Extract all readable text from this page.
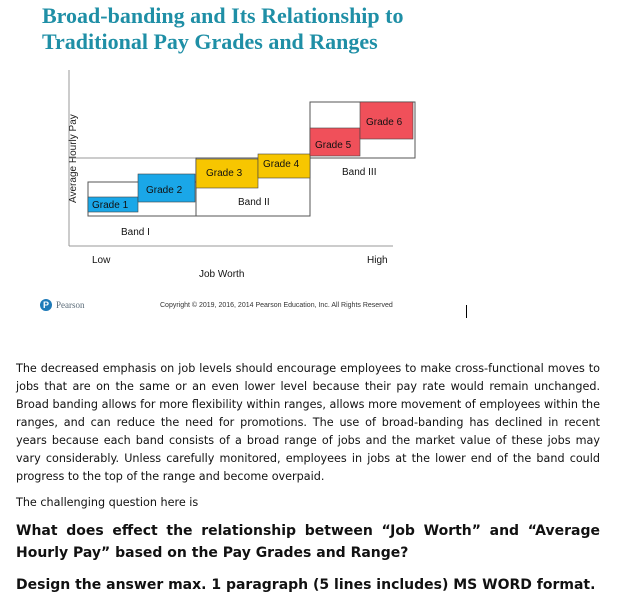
Broad-banding and Its Relationship to
Traditional Pay Grades and Ranges
Average Hourly Pay
Grade 1
Grade 2
Grade 3
Grade 4
Grade 5
Grade 6
Band I
Band II
Band III
Low	High
Job Worth
P Pearson	Copyright © 2019, 2016, 2014 Pearson Education, Inc. All Rights Reserved

The decreased emphasis on job levels should encourage employees to make cross-functional moves to jobs that are on the same or an even lower level because their pay rate would remain unchanged. Broad banding allows for more flexibility within ranges, allows more movement of employees within the ranges, and can reduce the need for promotions. The use of broad-banding has declined in recent years because each band consists of a broad range of jobs and the market value of these jobs may vary considerably. Unless carefully monitored, employees in jobs at the lower end of the band could progress to the top of the range and become overpaid.

The challenging question here is

What does effect the relationship between “Job Worth” and “Average Hourly Pay” based on the Pay Grades and Range?

Design the answer max. 1 paragraph (5 lines includes) MS WORD format.
